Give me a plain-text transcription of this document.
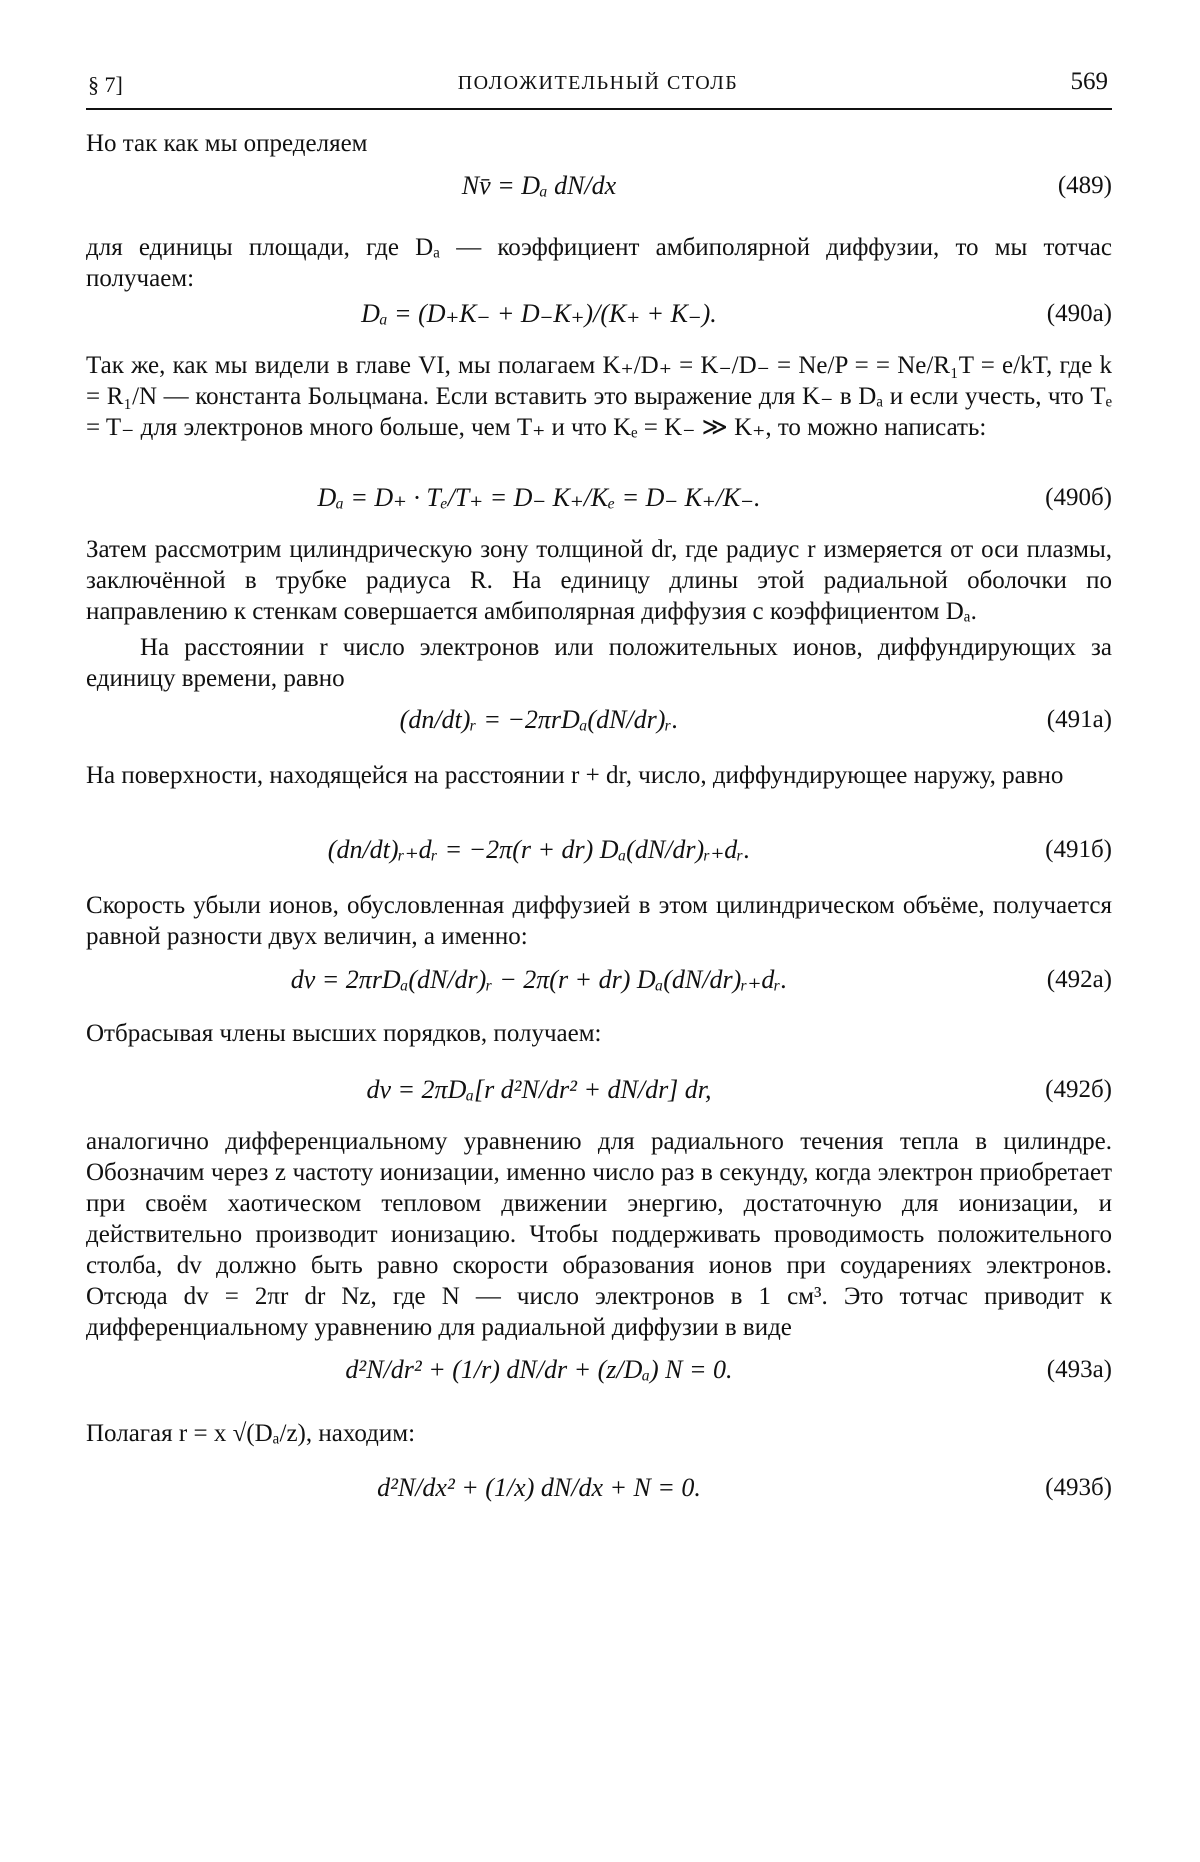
§ 7]	ПОЛОЖИТЕЛЬНЫЙ СТОЛБ	569

Но так как мы определяем

Nv̄ = Dₐ dN/dx	(489)

для единицы площади, где Dₐ — коэффициент амбиполярной диффузии, то мы тотчас получаем:

Dₐ = (D₊K₋ + D₋K₊)/(K₊ + K₋).	(490a)

Так же, как мы видели в главе VI, мы полагаем K₊/D₊ = K₋/D₋ = Ne/P = = Ne/R₁T = e/kT, где k = R₁/N — константа Больцмана. Если вставить это выражение для K₋ в Dₐ и если учесть, что Tₑ = T₋ для электронов много больше, чем T₊ и что Kₑ = K₋ ≫ K₊, то можно написать:

Dₐ = D₊ · Tₑ/T₊ = D₋ K₊/Kₑ = D₋ K₊/K₋.	(490б)

Затем рассмотрим цилиндрическую зону толщиной dr, где радиус r измеряется от оси плазмы, заключённой в трубке радиуса R. На единицу длины этой радиальной оболочки по направлению к стенкам совершается амбиполярная диффузия с коэффициентом Dₐ.

На расстоянии r число электронов или положительных ионов, диффундирующих за единицу времени, равно

(dn/dt)ᵣ = −2πrDₐ(dN/dr)ᵣ.	(491a)

На поверхности, находящейся на расстоянии r + dr, число, диффундирующее наружу, равно

(dn/dt)ᵣ₊dᵣ = −2π(r + dr) Dₐ(dN/dr)ᵣ₊dᵣ.	(491б)

Скорость убыли ионов, обусловленная диффузией в этом цилиндрическом объёме, получается равной разности двух величин, а именно:

dv = 2πrDₐ(dN/dr)ᵣ − 2π(r + dr) Dₐ(dN/dr)ᵣ₊dᵣ.	(492a)

Отбрасывая члены высших порядков, получаем:

dv = 2πDₐ[r d²N/dr² + dN/dr] dr,	(492б)

аналогично дифференциальному уравнению для радиального течения тепла в цилиндре. Обозначим через z частоту ионизации, именно число раз в секунду, когда электрон приобретает при своём хаотическом тепловом движении энергию, достаточную для ионизации, и действительно производит ионизацию. Чтобы поддерживать проводимость положительного столба, dv должно быть равно скорости образования ионов при соударениях электронов. Отсюда dv = 2πr dr Nz, где N — число электронов в 1 см³. Это тотчас приводит к дифференциальному уравнению для радиальной диффузии в виде

d²N/dr² + (1/r) dN/dr + (z/Dₐ) N = 0.	(493a)

Полагая r = x √(Dₐ/z), находим:

d²N/dx² + (1/x) dN/dx + N = 0.	(493б)
